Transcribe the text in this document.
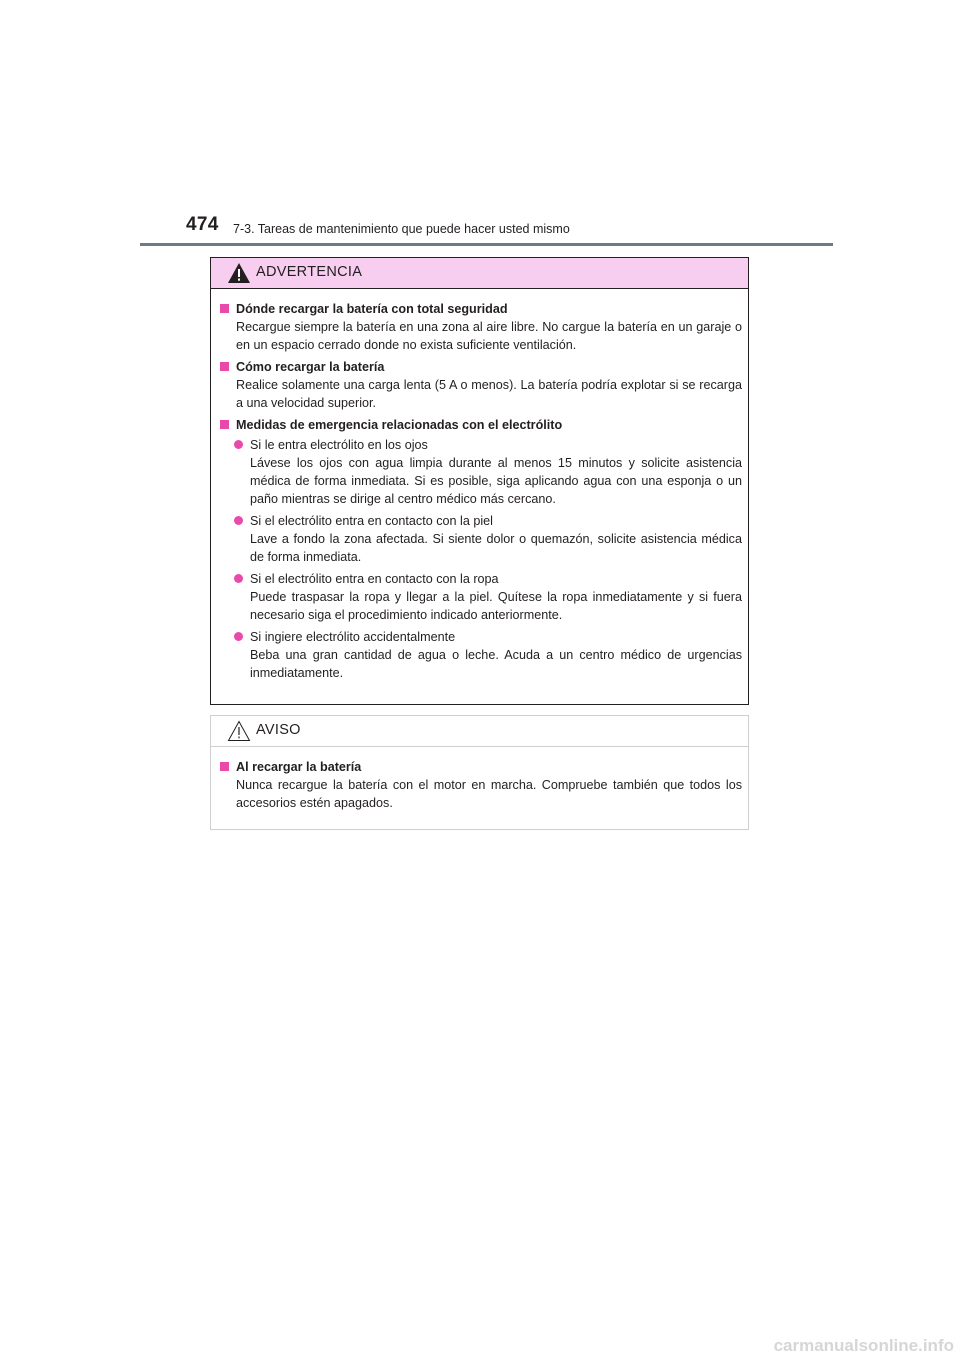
474 7-3. Tareas de mantenimiento que puede hacer usted mismo
ADVERTENCIA
Dónde recargar la batería con total seguridad
Recargue siempre la batería en una zona al aire libre. No cargue la batería en un garaje o en un espacio cerrado donde no exista suficiente ventilación.
Cómo recargar la batería
Realice solamente una carga lenta (5 A o menos). La batería podría explotar si se recarga a una velocidad superior.
Medidas de emergencia relacionadas con el electrólito
Si le entra electrólito en los ojos
Lávese los ojos con agua limpia durante al menos 15 minutos y solicite asistencia médica de forma inmediata. Si es posible, siga aplicando agua con una esponja o un paño mientras se dirige al centro médico más cercano.
Si el electrólito entra en contacto con la piel
Lave a fondo la zona afectada. Si siente dolor o quemazón, solicite asistencia médica de forma inmediata.
Si el electrólito entra en contacto con la ropa
Puede traspasar la ropa y llegar a la piel. Quítese la ropa inmediatamente y si fuera necesario siga el procedimiento indicado anteriormente.
Si ingiere electrólito accidentalmente
Beba una gran cantidad de agua o leche. Acuda a un centro médico de urgencias inmediatamente.
AVISO
Al recargar la batería
Nunca recargue la batería con el motor en marcha. Compruebe también que todos los accesorios estén apagados.
carmanualsonline.info
